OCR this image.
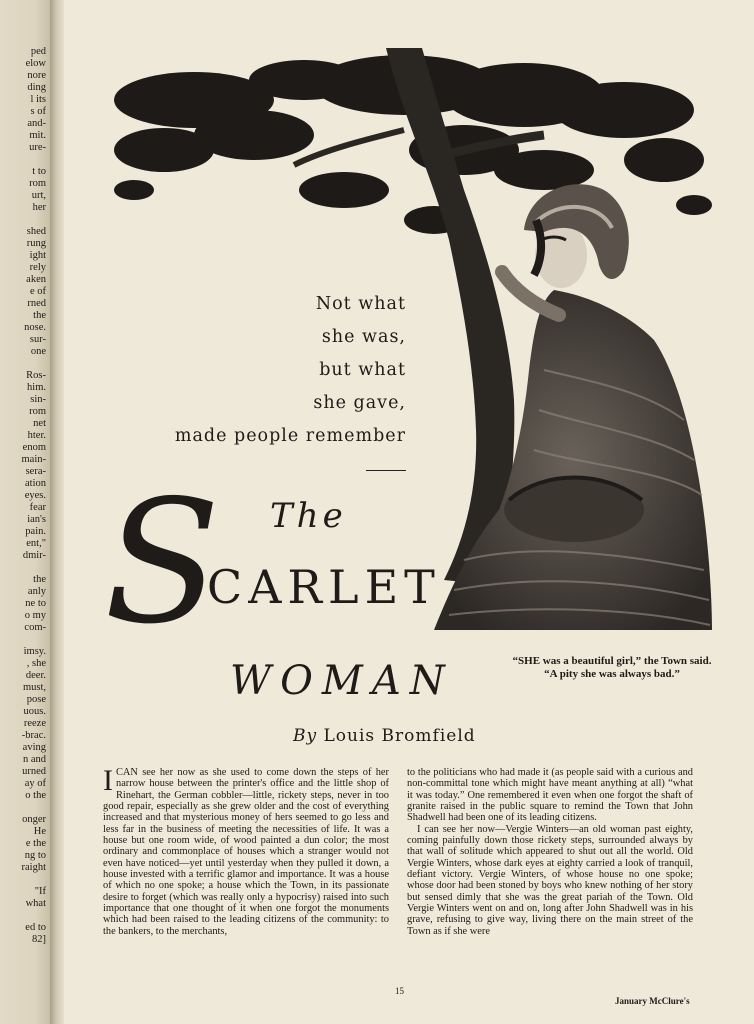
ped
elow
nore
ding
l its
s of
and-
mit.
ure-
t to
rom
urt,
her
shed
rung
ight
rely
aken
e of
rned
the
nose.
sur-
one
Ros-
him.
sin-
rom
net
hter.
enom
main-
sera-
ation
eyes.
fear
ian's
pain.
ent,"
dmir-
the
anly
ne to
o my
com-
imsy.
, she
deer.
must,
pose
uous.
reeze
-brac.
aving
n and
urned
ay of
o the
onger
He
e the
ng to
raight
"If
what
ed to
82]
Not what
she was,
but what
she gave,
made people remember
S The
CARLET
WOMAN	“SHE was a beautiful girl,” the Town said. “A pity she was always bad.”
By Louis Bromfield
I CAN see her now as she used to come down the steps of her narrow house between the printer's office and the little shop of Rinehart, the German cobbler—little, rickety steps, never in too good repair, especially as she grew older and the cost of everything increased and that mysterious money of hers seemed to go less and less far in the business of meeting the necessities of life. It was a house but one room wide, of wood painted a dun color; the most ordinary and commonplace of houses which a stranger would not even have noticed—yet until yesterday when they pulled it down, a house invested with a terrific glamor and importance. It was a house of which no one spoke; a house which the Town, in its passionate desire to forget (which was really only a hypocrisy) raised into such importance that one thought of it when one forgot the monuments which had been raised to the leading citizens of the community: to the bankers, to the merchants,
to the politicians who had made it (as people said with a curious and non-committal tone which might have meant anything at all) “what it was today.” One remembered it even when one forgot the shaft of granite raised in the public square to remind the Town that John Shadwell had been one of its leading citizens.
I can see her now—Vergie Winters—an old woman past eighty, coming painfully down those rickety steps, surrounded always by that wall of solitude which appeared to shut out all the world. Old Vergie Winters, whose dark eyes at eighty carried a look of tranquil, defiant victory. Vergie Winters, of whose house no one spoke; whose door had been stoned by boys who knew nothing of her story but sensed dimly that she was the great pariah of the Town. Old Vergie Winters went on and on, long after John Shadwell was in his grave, refusing to give way, living there on the main street of the Town as if she were
15
January McClure's
